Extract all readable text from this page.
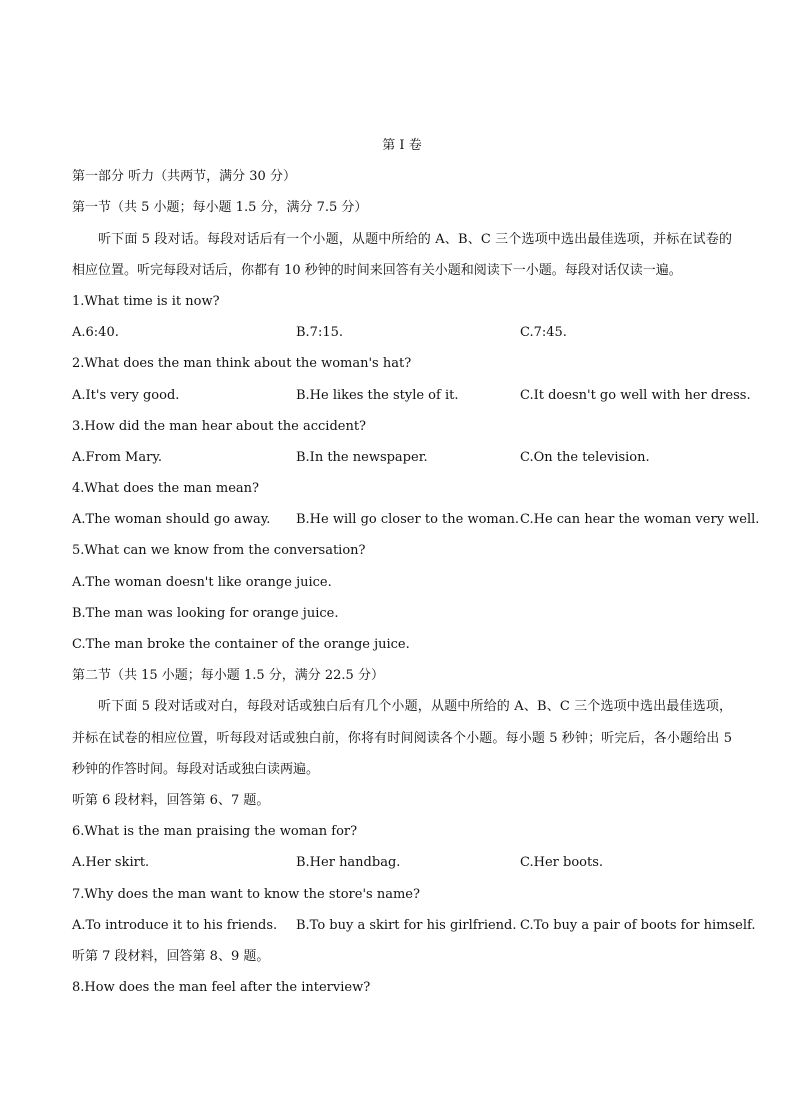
第 I 卷
第一部分 听力（共两节，满分 30 分）
第一节（共 5 小题；每小题 1.5 分，满分 7.5 分）
听下面 5 段对话。每段对话后有一个小题，从题中所给的 A、B、C 三个选项中选出最佳选项，并标在试卷的相应位置。听完每段对话后，你都有 10 秒钟的时间来回答有关小题和阅读下一小题。每段对话仅读一遍。
1.What time is it now?
A.6:40.	B.7:15.	C.7:45.
2.What does the man think about the woman's hat?
A.It's very good.	B.He likes the style of it.	C.It doesn't go well with her dress.
3.How did the man hear about the accident?
A.From Mary.	B.In the newspaper.	C.On the television.
4.What does the man mean?
A.The woman should go away.	B.He will go closer to the woman. C.He can hear the woman very well.
5.What can we know from the conversation?
A.The woman doesn't like orange juice.
B.The man was looking for orange juice.
C.The man broke the container of the orange juice.
第二节（共 15 小题；每小题 1.5 分，满分 22.5 分）
听下面 5 段对话或对白，每段对话或独白后有几个小题，从题中所给的 A、B、C 三个选项中选出最佳选项，并标在试卷的相应位置，听每段对话或独白前，你将有时间阅读各个小题。每小题 5 秒钟；听完后，各小题给出 5 秒钟的作答时间。每段对话或独白读两遍。
听第 6 段材料，回答第 6、7 题。
6.What is the man praising the woman for?
A.Her skirt.	B.Her handbag.	C.Her boots.
7.Why does the man want to know the store's name?
A.To introduce it to his friends.	B.To buy a skirt for his girlfriend. C.To buy a pair of boots for himself.
听第 7 段材料，回答第 8、9 题。
8.How does the man feel after the interview?
